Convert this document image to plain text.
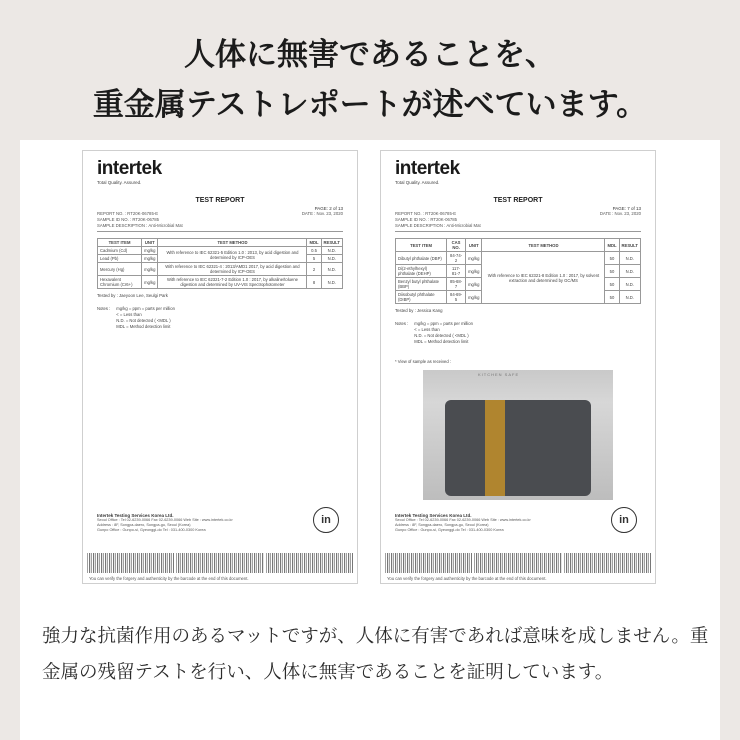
人体に無害であることを、
重金属テストレポートが述べています。
intertek
Total Quality. Assured.
TEST REPORT
PAGE: 2 of 13
REPORT NO. : RT20K-06785-E	DATE : Nov. 23, 2020
SAMPLE ID NO. : RT20K-06785
SAMPLE DESCRIPTION : Anti-Microbial Mat
TEST ITEM	UNIT	TEST METHOD	MDL	RESULT
Cadmium (Cd)	mg/kg	With reference to IEC 62321-5 Edition 1.0 : 2013, by acid digestion and determined by ICP-OES	0.5	N.D.
Lead (Pb)	mg/kg		5	N.D.
Mercury (Hg)	mg/kg	With reference to IEC 62321-4 : 2013/AMD1 2017, by acid digestion and determined by ICP-OES	2	N.D.
Hexavalent Chromium (Cr6+)	mg/kg	With reference to IEC 62321-7-2 Edition 1.0 : 2017, by alkaline/toluene digestion and determined by UV-VIS Spectrophotometer	8	N.D.
Tested by : Jaeyoon Lee, Seulgi Park
Notes : mg/kg = ppm = parts per million
< = Less than
N.D. = Not detected ( <MDL )
MDL = Method detection limit
Intertek Testing Services Korea Ltd.
Seoul Office : Tel 02-6239-0066 Fax 02-6239-0066 Web Site : www.intertek.co.kr
Address : 8F, Songpa-daero, Songpa-gu, Seoul (Korea)
Gunpo Office : Gunpo-si, Gyeonggi-do Tel : 031-400-0300 Korea
in
You can verify the forgery and authenticity by the barcode at the end of this document.
intertek
Total Quality. Assured.
TEST REPORT
PAGE: 7 of 13
REPORT NO. : RT20K-06785-E	DATE : Nov. 23, 2020
SAMPLE ID NO. : RT20K-06785
SAMPLE DESCRIPTION : Anti-Microbial Mat
TEST ITEM	CAS NO.	UNIT	TEST METHOD	MDL	RESULT
Dibutyl phthalate (DBP)	84-74-2	mg/kg	With reference to IEC 62321-8 Edition 1.0 : 2017, by solvent extraction and determined by GC/MS	50	N.D.
Di(2-ethylhexyl) phthalate (DEHP)	117-81-7	mg/kg		50	N.D.
Benzyl butyl phthalate (BBP)	85-68-7	mg/kg		50	N.D.
Diisobutyl phthalate (DIBP)	84-69-5	mg/kg		50	N.D.
Tested by : Jessica Kang
Notes : mg/kg = ppm = parts per million
< = Less than
N.D. = Not detected ( <MDL )
MDL = Method detection limit
* View of sample as received :
KITCHEN SAFE
Intertek Testing Services Korea Ltd.
Seoul Office : Tel 02-6239-0066 Fax 02-6239-0066 Web Site : www.intertek.co.kr
Address : 8F, Songpa-daero, Songpa-gu, Seoul (Korea)
Gunpo Office : Gunpo-si, Gyeonggi-do Tel : 031-400-0300 Korea
in
You can verify the forgery and authenticity by the barcode at the end of this document.
強力な抗菌作用のあるマットですが、人体に有害であれば意味を成しません。重金属の残留テストを行い、人体に無害であることを証明しています。
